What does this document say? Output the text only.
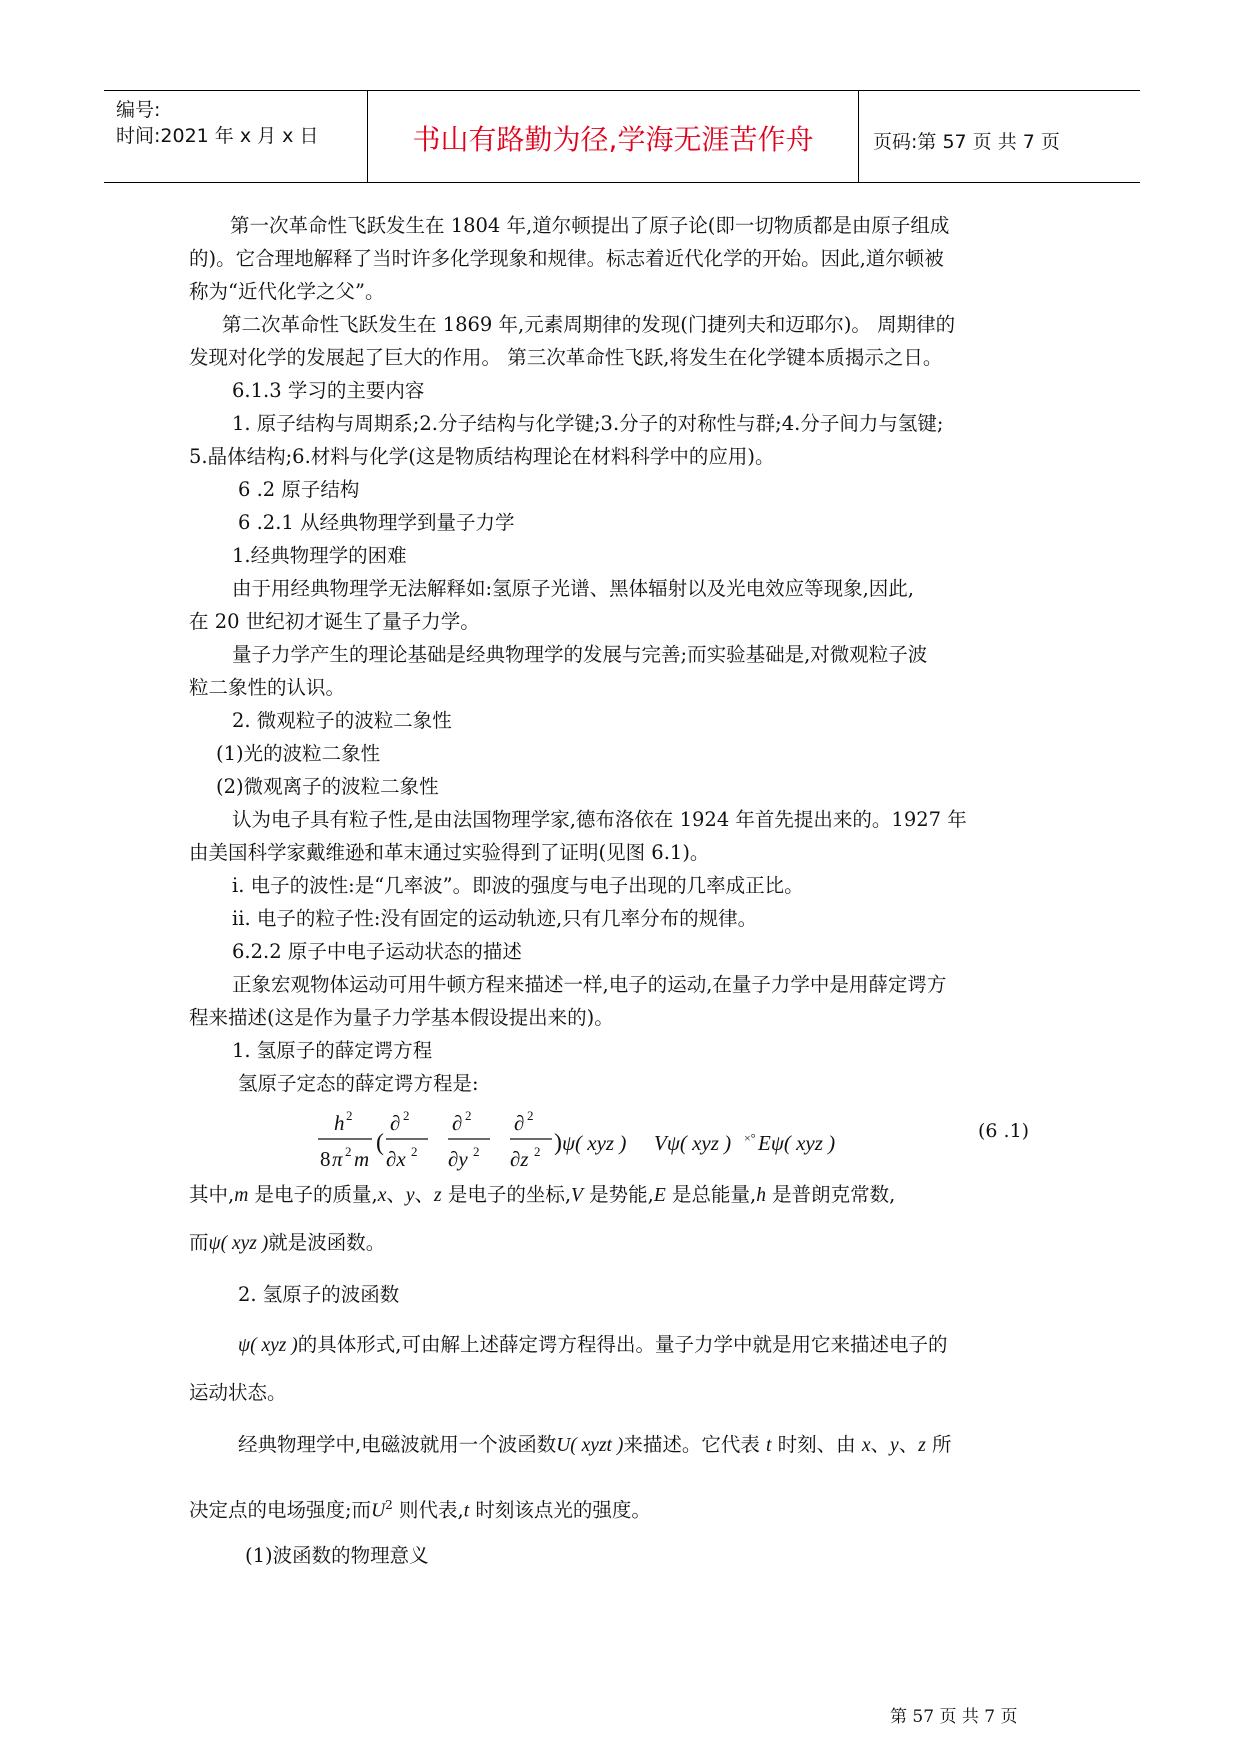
编号:
时间:2021 年 x 月 x 日	书山有路勤为径,学海无涯苦作舟	页码:第 57 页 共 7 页
第一次革命性飞跃发生在 1804 年,道尔顿提出了原子论(即一切物质都是由原子组成
的)。它合理地解释了当时许多化学现象和规律。标志着近代化学的开始。因此,道尔顿被
称为“近代化学之父”。
第二次革命性飞跃发生在 1869 年,元素周期律的发现(门捷列夫和迈耶尔)。 周期律的
发现对化学的发展起了巨大的作用。 第三次革命性飞跃,将发生在化学键本质揭示之日。
6.1.3 学习的主要内容
1. 原子结构与周期系;2.分子结构与化学键;3.分子的对称性与群;4.分子间力与氢键;
5.晶体结构;6.材料与化学(这是物质结构理论在材料科学中的应用)。
6 .2 原子结构
6 .2.1 从经典物理学到量子力学
1.经典物理学的困难
由于用经典物理学无法解释如:氢原子光谱、黑体辐射以及光电效应等现象,因此,
在 20 世纪初才诞生了量子力学。
量子力学产生的理论基础是经典物理学的发展与完善;而实验基础是,对微观粒子波
粒二象性的认识。
2. 微观粒子的波粒二象性
(1)光的波粒二象性
(2)微观离子的波粒二象性
认为电子具有粒子性,是由法国物理学家,德布洛依在 1924 年首先提出来的。1927 年
由美国科学家戴维逊和革末通过实验得到了证明(见图 6.1)。
i. 电子的波性:是“几率波”。即波的强度与电子出现的几率成正比。
ii. 电子的粒子性:没有固定的运动轨迹,只有几率分布的规律。
6.2.2 原子中电子运动状态的描述
正象宏观物体运动可用牛顿方程来描述一样,电子的运动,在量子力学中是用薛定谔方
程来描述(这是作为量子力学基本假设提出来的)。
1. 氢原子的薛定谔方程
氢原子定态的薛定谔方程是:
h 2
8 π 2 m
(
∂ 2
∂x 2
∂ 2
∂y 2
∂ 2
∂z 2 ) ψ( xyz ) Vψ( xyz ) ×° Eψ( xyz )	(6 .1)
其中,m 是电子的质量,x、y、z 是电子的坐标,V 是势能,E 是总能量,h 是普朗克常数,
而ψ( xyz )就是波函数。
2. 氢原子的波函数
ψ( xyz )的具体形式,可由解上述薛定谔方程得出。量子力学中就是用它来描述电子的
运动状态。
经典物理学中,电磁波就用一个波函数U( xyzt )来描述。它代表 t 时刻、由 x、y、z 所
决定点的电场强度;而$U^2$ 则代表,t 时刻该点光的强度。
(1)波函数的物理意义
第 57 页 共 7 页
